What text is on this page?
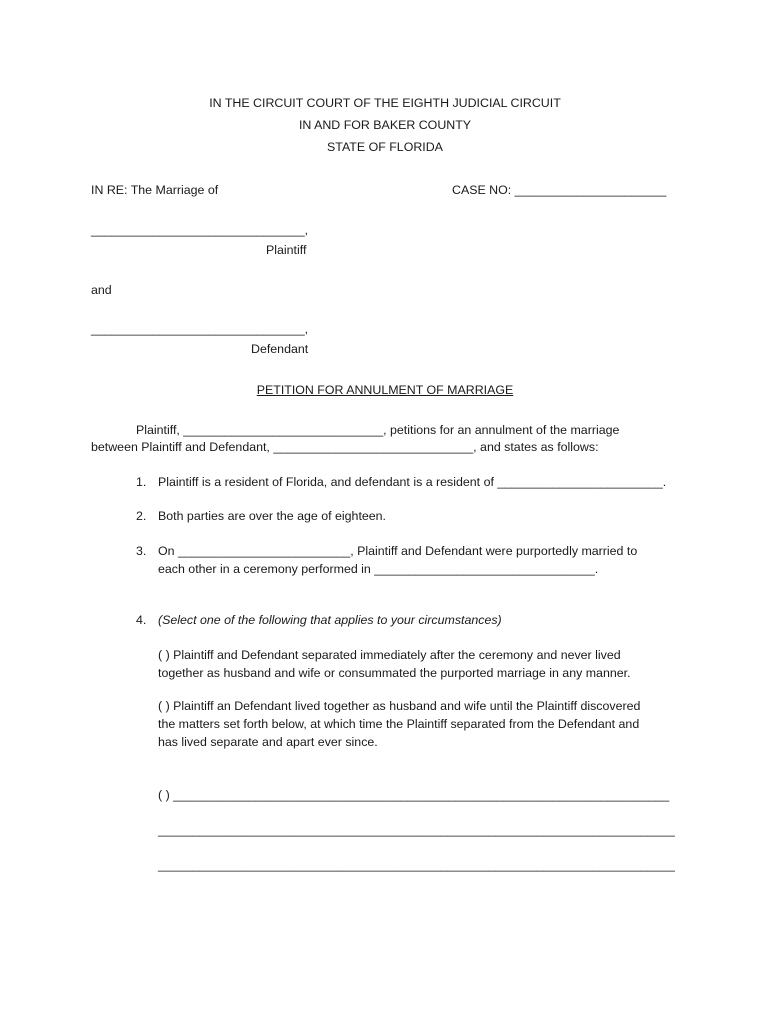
IN THE CIRCUIT COURT OF THE EIGHTH JUDICIAL CIRCUIT
IN AND FOR BAKER COUNTY
STATE OF FLORIDA
IN RE: The Marriage of	CASE NO: ______________________
_______________________________,
Plaintiff
and
_______________________________,
Defendant
PETITION FOR ANNULMENT OF MARRIAGE
Plaintiff, _____________________________, petitions for an annulment of the marriage
between Plaintiff and Defendant, _____________________________, and states as follows:
1. Plaintiff is a resident of Florida, and defendant is a resident of ________________________.
2. Both parties are over the age of eighteen.
3. On _________________________, Plaintiff and Defendant were purportedly married to
each other in a ceremony performed in ________________________________.
4. (Select one of the following that applies to your circumstances)
( ) Plaintiff and Defendant separated immediately after the ceremony and never lived
together as husband and wife or consummated the purported marriage in any manner.
( ) Plaintiff an Defendant lived together as husband and wife until the Plaintiff discovered
the matters set forth below, at which time the Plaintiff separated from the Defendant and
has lived separate and apart ever since.
( ) ________________________________________________________________________
___________________________________________________________________________
___________________________________________________________________________
